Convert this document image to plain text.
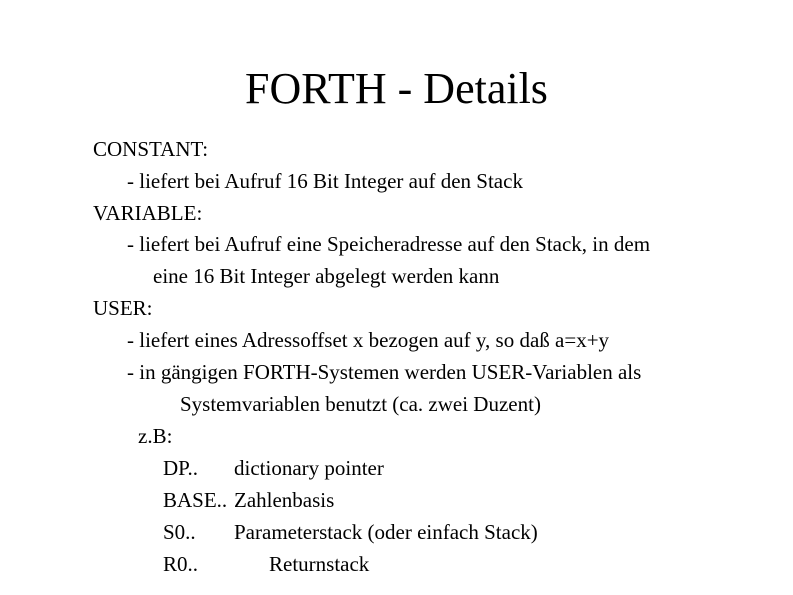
FORTH - Details
CONSTANT:
- liefert bei Aufruf 16 Bit Integer auf den Stack
VARIABLE:
- liefert bei Aufruf eine Speicheradresse auf den Stack, in dem
eine 16 Bit Integer abgelegt werden kann
USER:
- liefert eines Adressoffset x bezogen auf y, so daß a=x+y
- in gängigen FORTH-Systemen werden USER-Variablen als
Systemvariablen benutzt (ca. zwei Duzent)
z.B:
DP.. dictionary pointer
BASE.. Zahlenbasis
S0.. Parameterstack (oder einfach Stack)
R0..	Returnstack
